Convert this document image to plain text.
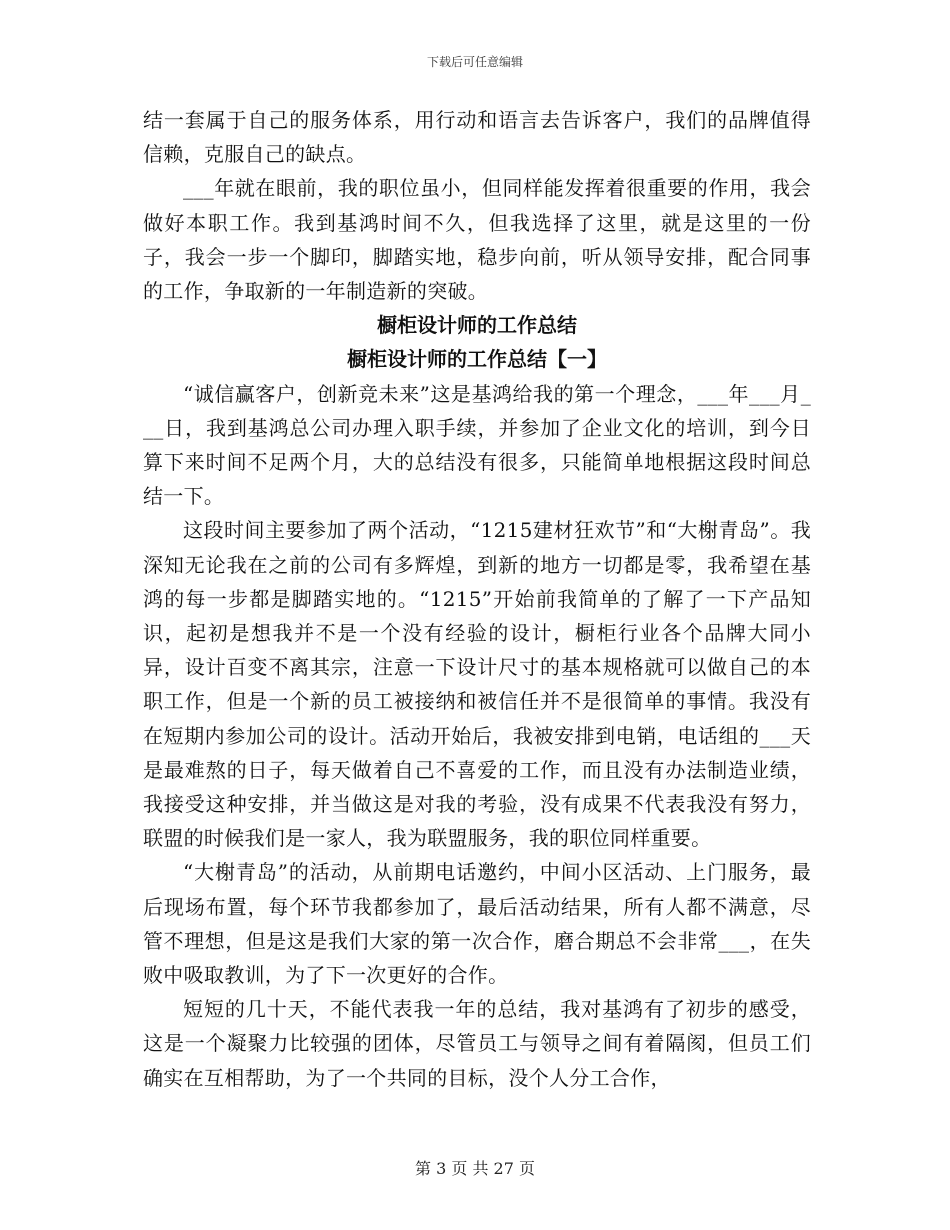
下载后可任意编辑

结一套属于自己的服务体系，用行动和语言去告诉客户，我们的品牌值得信赖，克服自己的缺点。

___年就在眼前，我的职位虽小，但同样能发挥着很重要的作用，我会做好本职工作。我到基鸿时间不久，但我选择了这里，就是这里的一份子，我会一步一个脚印，脚踏实地，稳步向前，听从领导安排，配合同事的工作，争取新的一年制造新的突破。

橱柜设计师的工作总结

橱柜设计师的工作总结【一】

“诚信赢客户，创新竞未来”这是基鸿给我的第一个理念，___年___月___日，我到基鸿总公司办理入职手续，并参加了企业文化的培训，到今日算下来时间不足两个月，大的总结没有很多，只能简单地根据这段时间总结一下。

这段时间主要参加了两个活动，“1215建材狂欢节”和“大榭青岛”。我深知无论我在之前的公司有多辉煌，到新的地方一切都是零，我希望在基鸿的每一步都是脚踏实地的。“1215”开始前我简单的了解了一下产品知识，起初是想我并不是一个没有经验的设计，橱柜行业各个品牌大同小异，设计百变不离其宗，注意一下设计尺寸的基本规格就可以做自己的本职工作，但是一个新的员工被接纳和被信任并不是很简单的事情。我没有在短期内参加公司的设计。活动开始后，我被安排到电销，电话组的___天是最难熬的日子，每天做着自己不喜爱的工作，而且没有办法制造业绩，我接受这种安排，并当做这是对我的考验，没有成果不代表我没有努力，联盟的时候我们是一家人，我为联盟服务，我的职位同样重要。

“大榭青岛”的活动，从前期电话邀约，中间小区活动、上门服务，最后现场布置，每个环节我都参加了，最后活动结果，所有人都不满意，尽管不理想，但是这是我们大家的第一次合作，磨合期总不会非常___，在失败中吸取教训，为了下一次更好的合作。

短短的几十天，不能代表我一年的总结，我对基鸿有了初步的感受，这是一个凝聚力比较强的团体，尽管员工与领导之间有着隔阂，但员工们确实在互相帮助，为了一个共同的目标，没个人分工合作，

第 3 页 共 27 页
